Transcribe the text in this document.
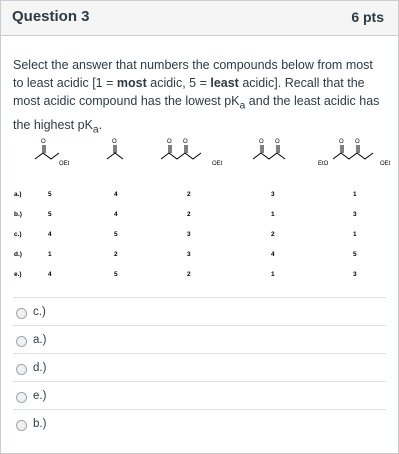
Question 3	6 pts
Select the answer that numbers the compounds below from most to least acidic [1 = most acidic, 5 = least acidic]. Recall that the most acidic compound has the lowest $pK_a$ and the least acidic has the highest $pK_a$.
O
OEt
O	O O
OEt
O O
EtO
O O
OEt
a.)	5	4	2	3	1
b.)	5	4	2	1	3
c.)	4	5	3	2	1
d.)	1	2	3	4	5
e.)	4	5	2	1	3
c.)
a.)
d.)
e.)
b.)
